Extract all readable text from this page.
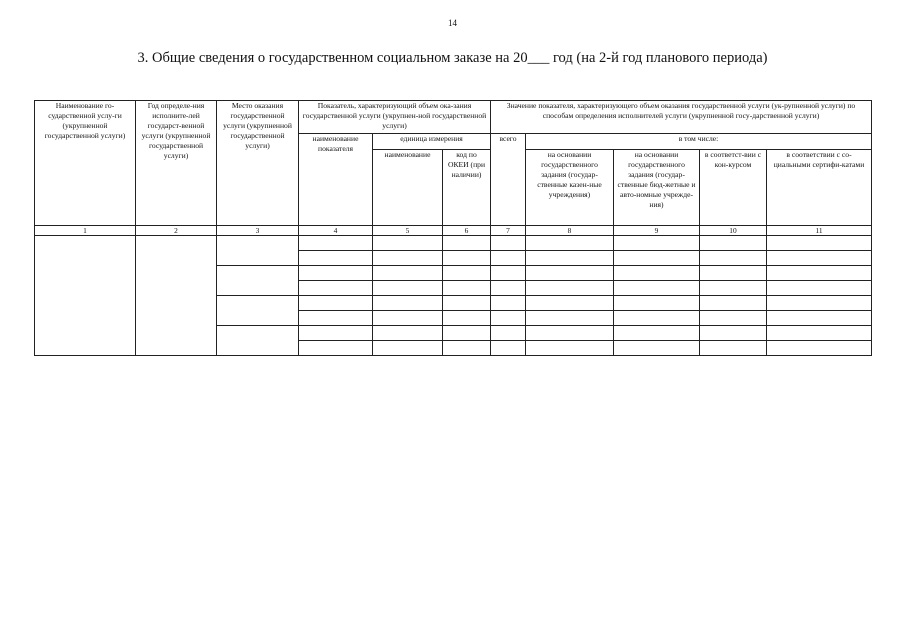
14
3. Общие сведения о государственном социальном заказе на 20___ год (на 2-й год планового периода)
Наименование го-сударственной услу-ги (укрупненной государственной услуги)	Год определе-ния исполните-лей государст-венной услуги (укрупненной государственной услуги)	Место оказания государственной услуги (укрупненной государственной услуги)	Показатель, характеризующий объем ока-зания государственной услуги (укрупнен-ной государственной услуги)			Значение показателя, характеризующего объем оказания государственной услуги (ук-рупненной услуги) по способам определения исполнителей услуги (укрупненной госу-дарственной услуги)				
			наименование показателя	единица измерения		всего	в том числе:			
				наименование	код по ОКЕИ (при наличии)		на основании государственного задания (государ-ственные казен-ные учреждения)	на основании государственного задания (государ-ственные бюд-жетные и авто-номные учрежде-ния)	в соответст-вии с кон-курсом	в соответствии с со-циальными сертифи-катами
1	2	3	4	5	6	7	8	9	10	11
